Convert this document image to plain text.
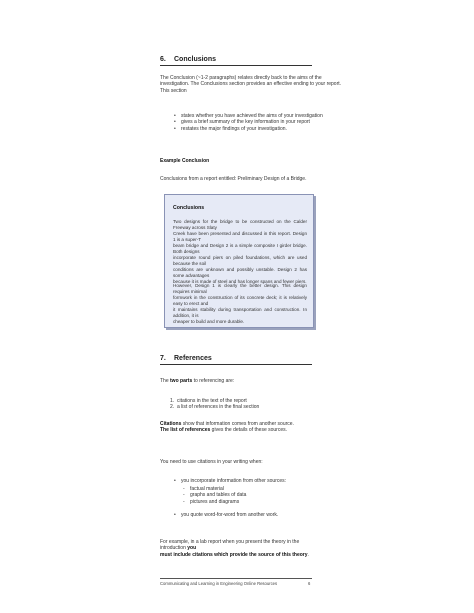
6. Conclusions
The Conclusion (~1-2 paragraphs) relates directly back to the aims of the
investigation. The Conclusions section provides an effective ending to your report.
This section
• states whether you have achieved the aims of your investigation
• gives a brief summary of the key information in your report
• restates the major findings of your investigation.
Example Conclusion
Conclusions from a report entitled: Preliminary Design of a Bridge.
Conclusions
Two designs for the bridge to be constructed on the Calder Freeway across Slaty
Creek have been presented and discussed in this report. Design 1 is a super-T
beam bridge and Design 2 is a simple composite I girder bridge. Both designs
incorporate round piers on piled foundations, which are used because the soil
conditions are unknown and possibly unstable. Design 2 has some advantages
because it is made of steel and has longer spans and fewer piers.
However, Design 1 is clearly the better design. This design requires minimal
formwork in the construction of its concrete deck; it is relatively easy to erect and
it maintains stability during transportation and construction. In addition, it is
cheaper to build and more durable.
7. References
The two parts to referencing are:
1. citations in the text of the report
2. a list of references in the final section
Citations show that information comes from another source.
The list of references gives the details of these sources.
You need to use citations in your writing when:
• you incorporate information from other sources:
- factual material
- graphs and tables of data
- pictures and diagrams
• you quote word-for-word from another work.
For example, in a lab report when you present the theory in the introduction you
must include citations which provide the source of this theory.
Communicating and Learning in Engineering Online Resources	6
